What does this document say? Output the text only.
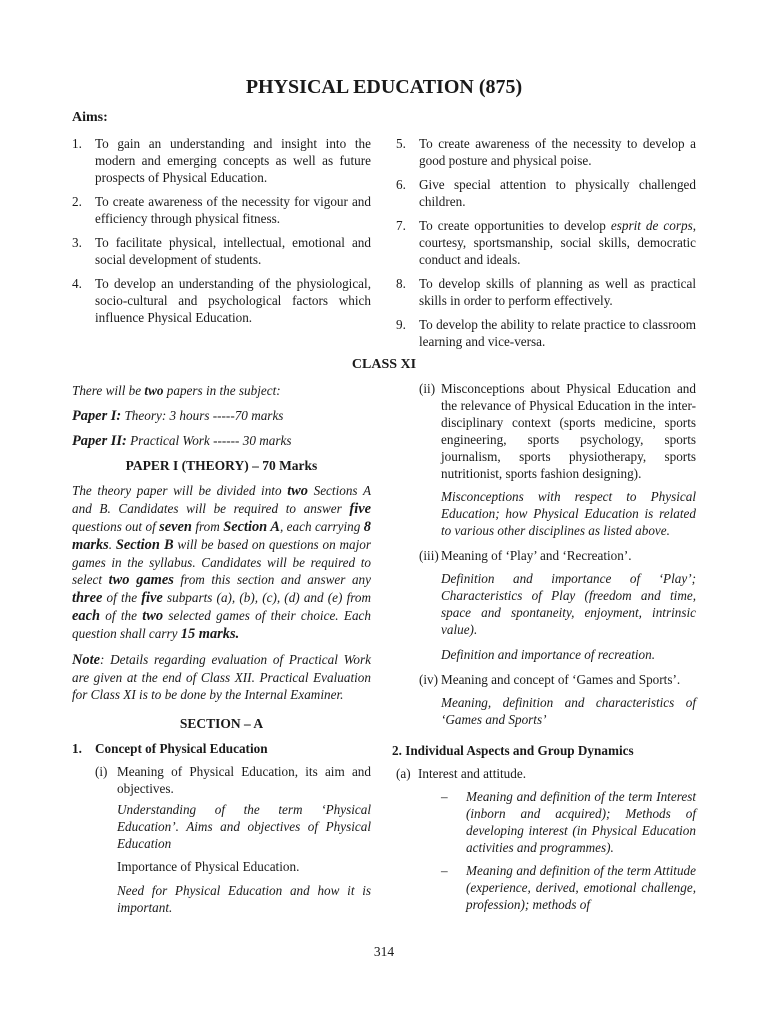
PHYSICAL EDUCATION (875)
Aims:
1. To gain an understanding and insight into the modern and emerging concepts as well as future prospects of Physical Education.
2. To create awareness of the necessity for vigour and efficiency through physical fitness.
3. To facilitate physical, intellectual, emotional and social development of students.
4. To develop an understanding of the physiological, socio-cultural and psychological factors which influence Physical Education.
5. To create awareness of the necessity to develop a good posture and physical poise.
6. Give special attention to physically challenged children.
7. To create opportunities to develop esprit de corps, courtesy, sportsmanship, social skills, democratic conduct and ideals.
8. To develop skills of planning as well as practical skills in order to perform effectively.
9. To develop the ability to relate practice to classroom learning and vice-versa.
CLASS XI

There will be two papers in the subject:

Paper I: Theory: 3 hours -----70 marks

Paper II: Practical Work ------ 30 marks

PAPER I (THEORY) – 70 Marks

The theory paper will be divided into two Sections A and B. Candidates will be required to answer five questions out of seven from Section A, each carrying 8 marks. Section B will be based on questions on major games in the syllabus. Candidates will be required to select two games from this section and answer any three of the five subparts (a), (b), (c), (d) and (e) from each of the two selected games of their choice. Each question shall carry 15 marks.

Note: Details regarding evaluation of Practical Work are given at the end of Class XII. Practical Evaluation for Class XI is to be done by the Internal Examiner.

SECTION – A
1. Concept of Physical Education
(i) Meaning of Physical Education, its aim and objectives.

Understanding of the term ‘Physical Education’. Aims and objectives of Physical Education

Importance of Physical Education.

Need for Physical Education and how it is important.

(ii) Misconceptions about Physical Education and the relevance of Physical Education in the inter-disciplinary context (sports medicine, sports engineering, sports psychology, sports journalism, sports physiotherapy, sports nutritionist, sports fashion designing).

Misconceptions with respect to Physical Education; how Physical Education is related to various other disciplines as listed above.

(iii) Meaning of ‘Play’ and ‘Recreation’.

Definition and importance of ‘Play’; Characteristics of Play (freedom and time, space and spontaneity, enjoyment, intrinsic value).

Definition and importance of recreation.

(iv) Meaning and concept of ‘Games and Sports’.

Meaning, definition and characteristics of ‘Games and Sports’

2. Individual Aspects and Group Dynamics
(a) Interest and attitude.
– Meaning and definition of the term Interest (inborn and acquired); Methods of developing interest (in Physical Education activities and programmes).
– Meaning and definition of the term Attitude (experience, derived, emotional challenge, profession); methods of
314
